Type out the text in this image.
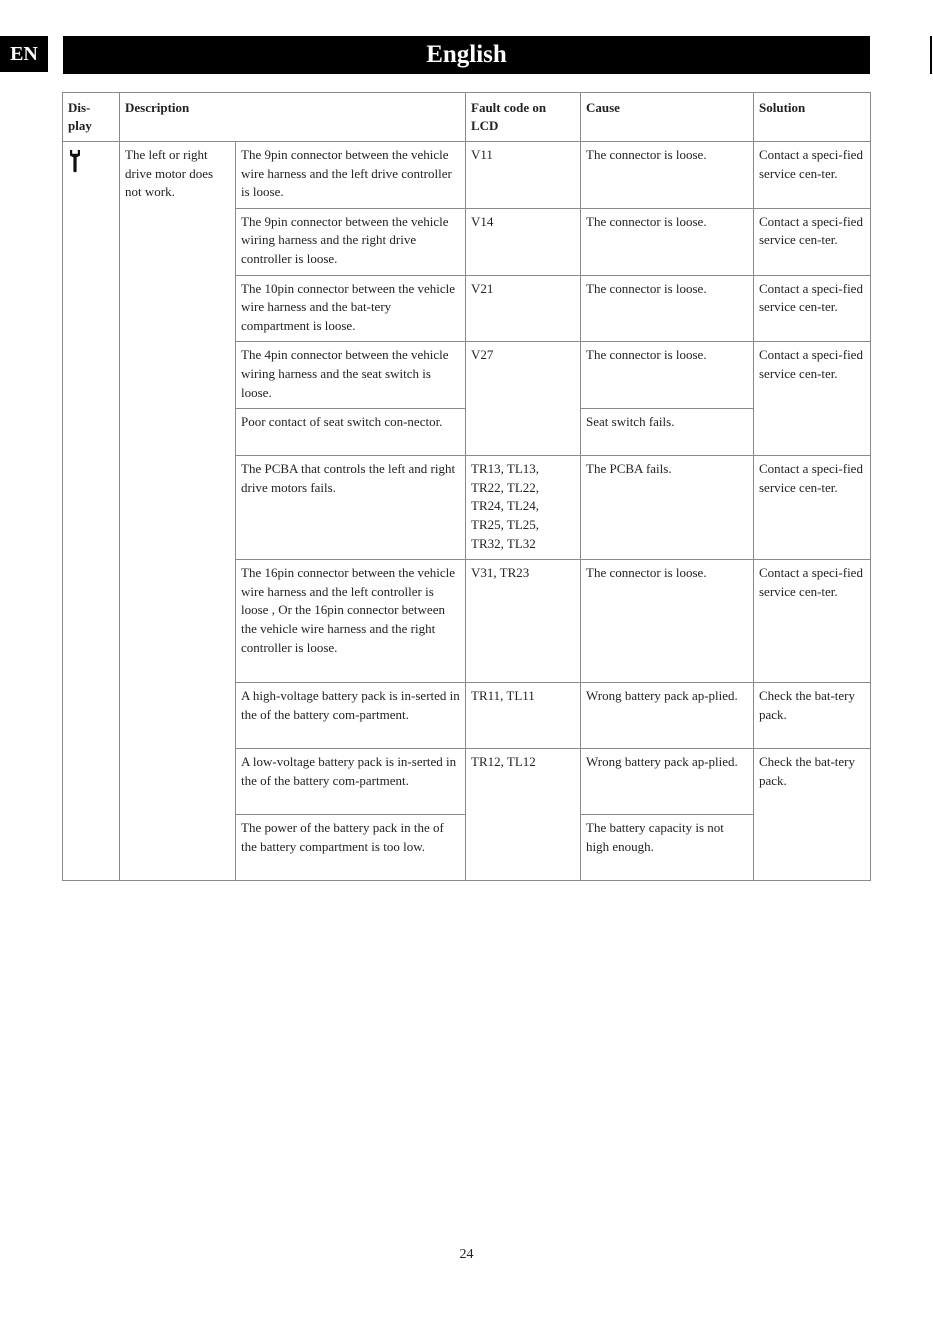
EN	English
Dis-
play	Description		Fault code on LCD	Cause	Solution
	The left or right drive motor does not work.	The 9pin connector between the vehicle wire harness and the left drive controller is loose.	V11	The connector is loose.	Contact a speci-fied service cen-ter.
		The 9pin connector between the vehicle wiring harness and the right drive controller is loose.	V14	The connector is loose.	Contact a speci-fied service cen-ter.
		The 10pin connector between the vehicle wire harness and the bat-tery compartment is loose.	V21	The connector is loose.	Contact a speci-fied service cen-ter.
		The 4pin connector between the vehicle wiring harness and the seat switch is loose.	V27	The connector is loose.	Contact a speci-fied service cen-ter.
		Poor contact of seat switch con-nector.		Seat switch fails.	
		The PCBA that controls the left and right drive motors fails.	TR13, TL13,
TR22, TL22,
TR24, TL24,
TR25, TL25,
TR32, TL32	The PCBA fails.	Contact a speci-fied service cen-ter.
		The 16pin connector between the vehicle wire harness and the left controller is loose , Or the 16pin connector between the vehicle wire harness and the right controller is loose.	V31, TR23	The connector is loose.	Contact a speci-fied service cen-ter.
		A high-voltage battery pack is in-serted in the of the battery com-partment.	TR11, TL11	Wrong battery pack ap-plied.	Check the bat-tery pack.
		A low-voltage battery pack is in-serted in the of the battery com-partment.	TR12, TL12	Wrong battery pack ap-plied.	Check the bat-tery pack.
		The power of the battery pack in the of the battery compartment is too low.		The battery capacity is not high enough.	
24
